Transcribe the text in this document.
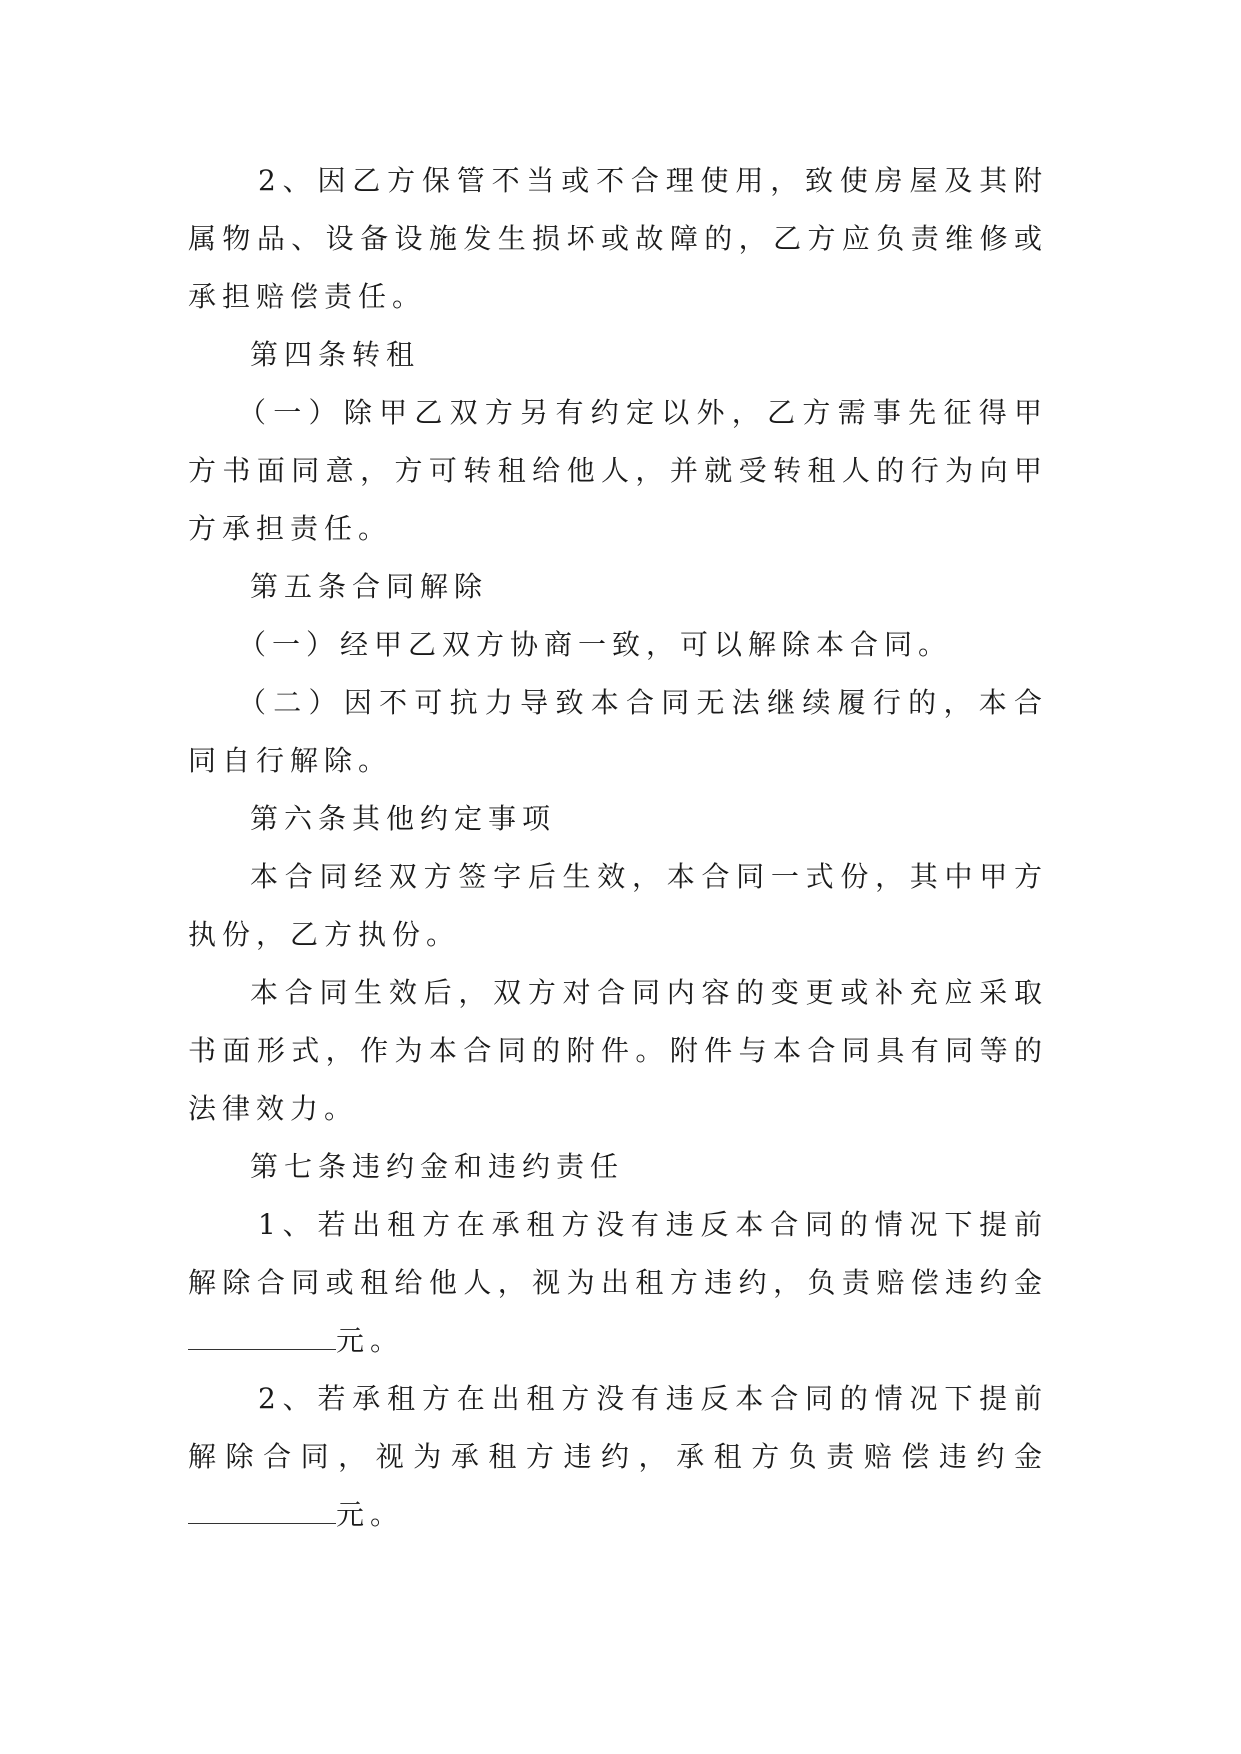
2、因乙方保管不当或不合理使用，致使房屋及其附属物品、设备设施发生损坏或故障的，乙方应负责维修或承担赔偿责任。

第四条转租

（一）除甲乙双方另有约定以外，乙方需事先征得甲方书面同意，方可转租给他人，并就受转租人的行为向甲方承担责任。

第五条合同解除

（一）经甲乙双方协商一致，可以解除本合同。

（二）因不可抗力导致本合同无法继续履行的，本合同自行解除。

第六条其他约定事项

本合同经双方签字后生效，本合同一式份，其中甲方执份，乙方执份。

本合同生效后，双方对合同内容的变更或补充应采取书面形式，作为本合同的附件。附件与本合同具有同等的法律效力。

第七条违约金和违约责任

1、若出租方在承租方没有违反本合同的情况下提前解除合同或租给他人，视为出租方违约，负责赔偿违约金元。

2、若承租方在出租方没有违反本合同的情况下提前解除合同，视为承租方违约，承租方负责赔偿违约金元。
